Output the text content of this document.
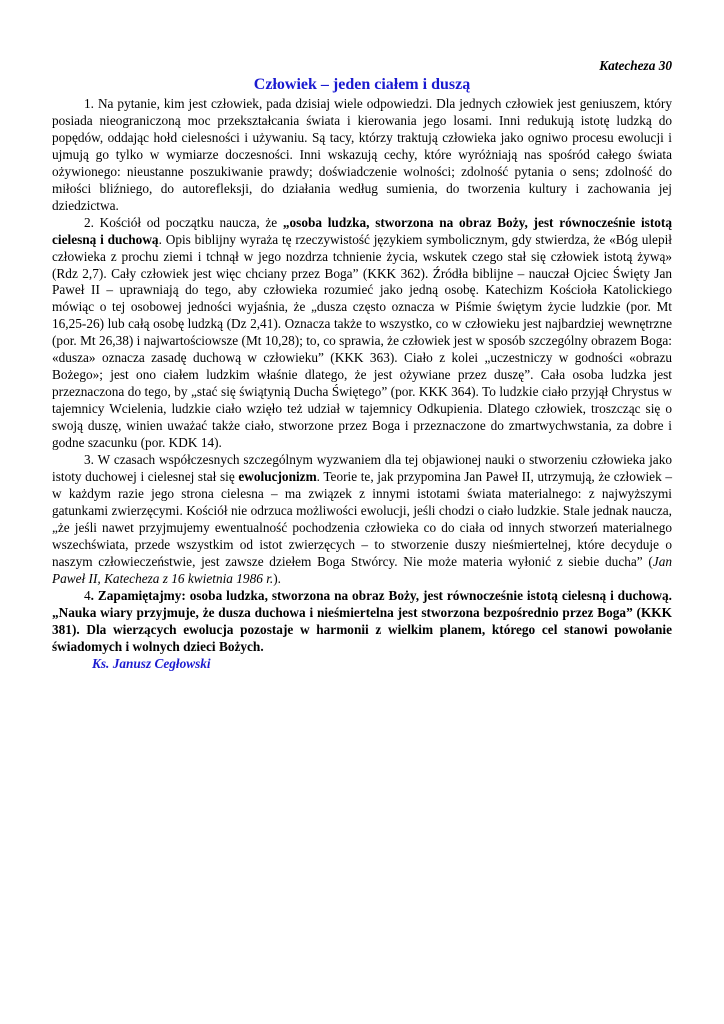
Katecheza 30
Człowiek – jeden ciałem i duszą

1. Na pytanie, kim jest człowiek, pada dzisiaj wiele odpowiedzi. Dla jednych człowiek jest geniuszem, który posiada nieograniczoną moc przekształcania świata i kierowania jego losami. Inni redukują istotę ludzką do popędów, oddając hołd cielesności i używaniu. Są tacy, którzy traktują człowieka jako ogniwo procesu ewolucji i ujmują go tylko w wymiarze doczesności. Inni wskazują cechy, które wyróżniają nas spośród całego świata ożywionego: nieustanne poszukiwanie prawdy; doświadczenie wolności; zdolność pytania o sens; zdolność do miłości bliźniego, do autorefleksji, do działania według sumienia, do tworzenia kultury i zachowania jej dziedzictwa.

2. Kościół od początku naucza, że „osoba ludzka, stworzona na obraz Boży, jest równocześnie istotą cielesną i duchową. Opis biblijny wyraża tę rzeczywistość językiem symbolicznym, gdy stwierdza, że «Bóg ulepił człowieka z prochu ziemi i tchnął w jego nozdrza tchnienie życia, wskutek czego stał się człowiek istotą żywą» (Rdz 2,7). Cały człowiek jest więc chciany przez Boga” (KKK 362). Źródła biblijne – nauczał Ojciec Święty Jan Paweł II – uprawniają do tego, aby człowieka rozumieć jako jedną osobę. Katechizm Kościoła Katolickiego mówiąc o tej osobowej jedności wyjaśnia, że „dusza często oznacza w Piśmie świętym życie ludzkie (por. Mt 16,25-26) lub całą osobę ludzką (Dz 2,41). Oznacza także to wszystko, co w człowieku jest najbardziej wewnętrzne (por. Mt 26,38) i najwartościowsze (Mt 10,28); to, co sprawia, że człowiek jest w sposób szczególny obrazem Boga: «dusza» oznacza zasadę duchową w człowieku” (KKK 363). Ciało z kolei „uczestniczy w godności «obrazu Bożego»; jest ono ciałem ludzkim właśnie dlatego, że jest ożywiane przez duszę”. Cała osoba ludzka jest przeznaczona do tego, by „stać się świątynią Ducha Świętego” (por. KKK 364). To ludzkie ciało przyjął Chrystus w tajemnicy Wcielenia, ludzkie ciało wzięło też udział w tajemnicy Odkupienia. Dlatego człowiek, troszcząc się o swoją duszę, winien uważać także ciało, stworzone przez Boga i przeznaczone do zmartwychwstania, za dobre i godne szacunku (por. KDK 14).

3. W czasach współczesnych szczególnym wyzwaniem dla tej objawionej nauki o stworzeniu człowieka jako istoty duchowej i cielesnej stał się ewolucjonizm. Teorie te, jak przypomina Jan Paweł II, utrzymują, że człowiek – w każdym razie jego strona cielesna – ma związek z innymi istotami świata materialnego: z najwyższymi gatunkami zwierzęcymi. Kościół nie odrzuca możliwości ewolucji, jeśli chodzi o ciało ludzkie. Stale jednak naucza, „że jeśli nawet przyjmujemy ewentualność pochodzenia człowieka co do ciała od innych stworzeń materialnego wszechświata, przede wszystkim od istot zwierzęcych – to stworzenie duszy nieśmiertelnej, które decyduje o naszym człowieczeństwie, jest zawsze dziełem Boga Stwórcy. Nie może materia wyłonić z siebie ducha” (Jan Paweł II, Katecheza z 16 kwietnia 1986 r.).

4. Zapamiętajmy: osoba ludzka, stworzona na obraz Boży, jest równocześnie istotą cielesną i duchową. „Nauka wiary przyjmuje, że dusza duchowa i nieśmiertelna jest stworzona bezpośrednio przez Boga” (KKK 381). Dla wierzących ewolucja pozostaje w harmonii z wielkim planem, którego cel stanowi powołanie świadomych i wolnych dzieci Bożych.

Ks. Janusz Cegłowski
